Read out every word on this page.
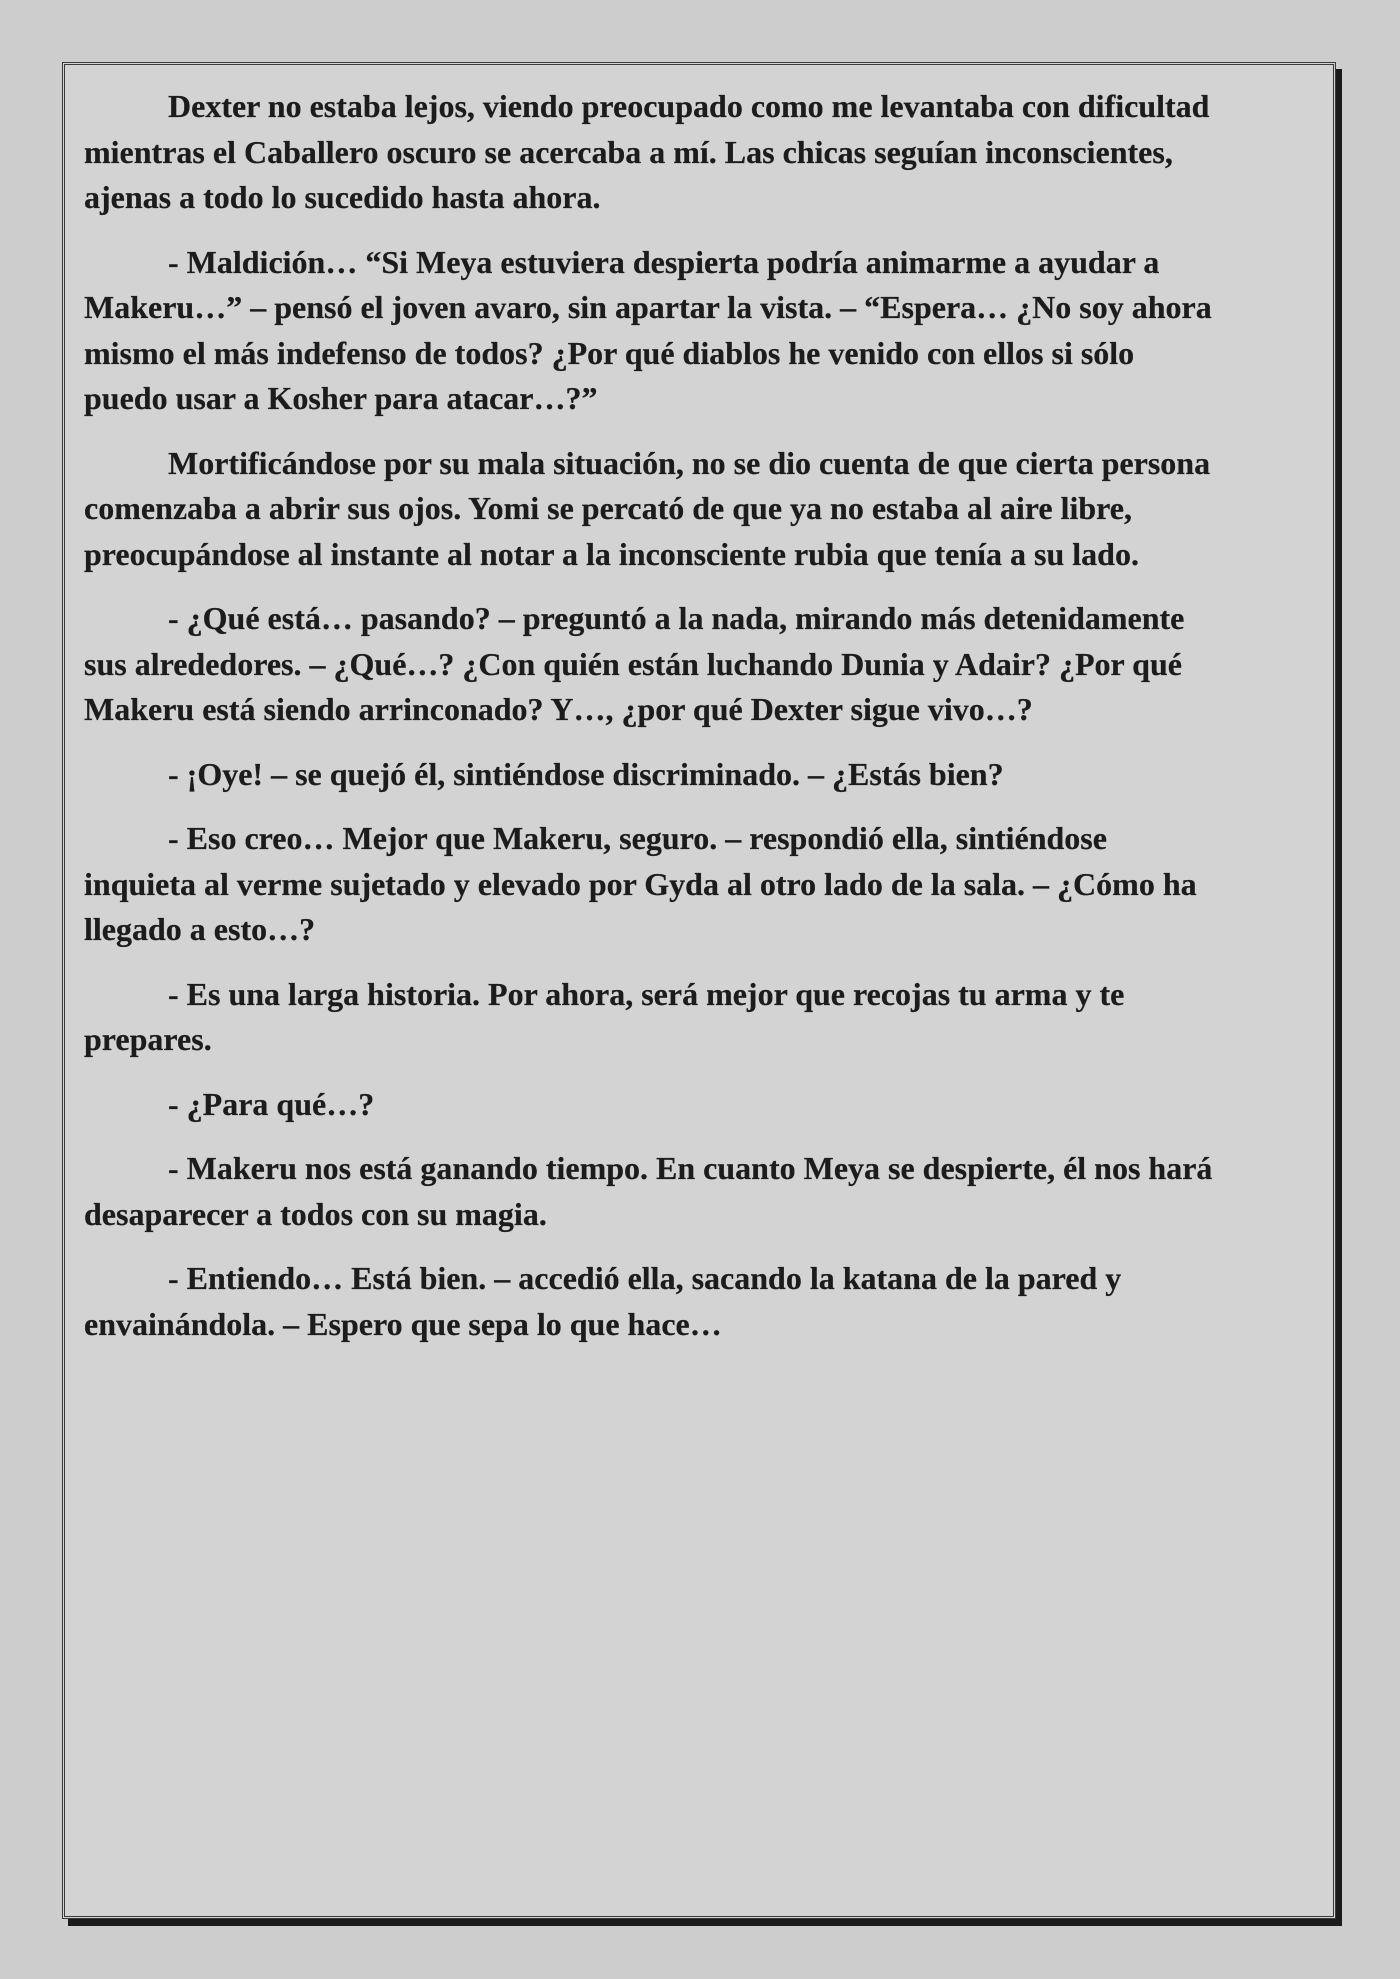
Dexter no estaba lejos, viendo preocupado como me levantaba con dificultad
mientras el Caballero oscuro se acercaba a mí. Las chicas seguían inconscientes,
ajenas a todo lo sucedido hasta ahora.

- Maldición… “Si Meya estuviera despierta podría animarme a ayudar a
Makeru…” – pensó el joven avaro, sin apartar la vista. – “Espera… ¿No soy ahora
mismo el más indefenso de todos? ¿Por qué diablos he venido con ellos si sólo
puedo usar a Kosher para atacar…?”

Mortificándose por su mala situación, no se dio cuenta de que cierta persona
comenzaba a abrir sus ojos. Yomi se percató de que ya no estaba al aire libre,
preocupándose al instante al notar a la inconsciente rubia que tenía a su lado.

- ¿Qué está… pasando? – preguntó a la nada, mirando más detenidamente
sus alrededores. – ¿Qué…? ¿Con quién están luchando Dunia y Adair? ¿Por qué
Makeru está siendo arrinconado? Y…, ¿por qué Dexter sigue vivo…?

- ¡Oye! – se quejó él, sintiéndose discriminado. – ¿Estás bien?

- Eso creo… Mejor que Makeru, seguro. – respondió ella, sintiéndose
inquieta al verme sujetado y elevado por Gyda al otro lado de la sala. – ¿Cómo ha
llegado a esto…?

- Es una larga historia. Por ahora, será mejor que recojas tu arma y te
prepares.

- ¿Para qué…?

- Makeru nos está ganando tiempo. En cuanto Meya se despierte, él nos hará
desaparecer a todos con su magia.

- Entiendo… Está bien. – accedió ella, sacando la katana de la pared y
envainándola. – Espero que sepa lo que hace…
